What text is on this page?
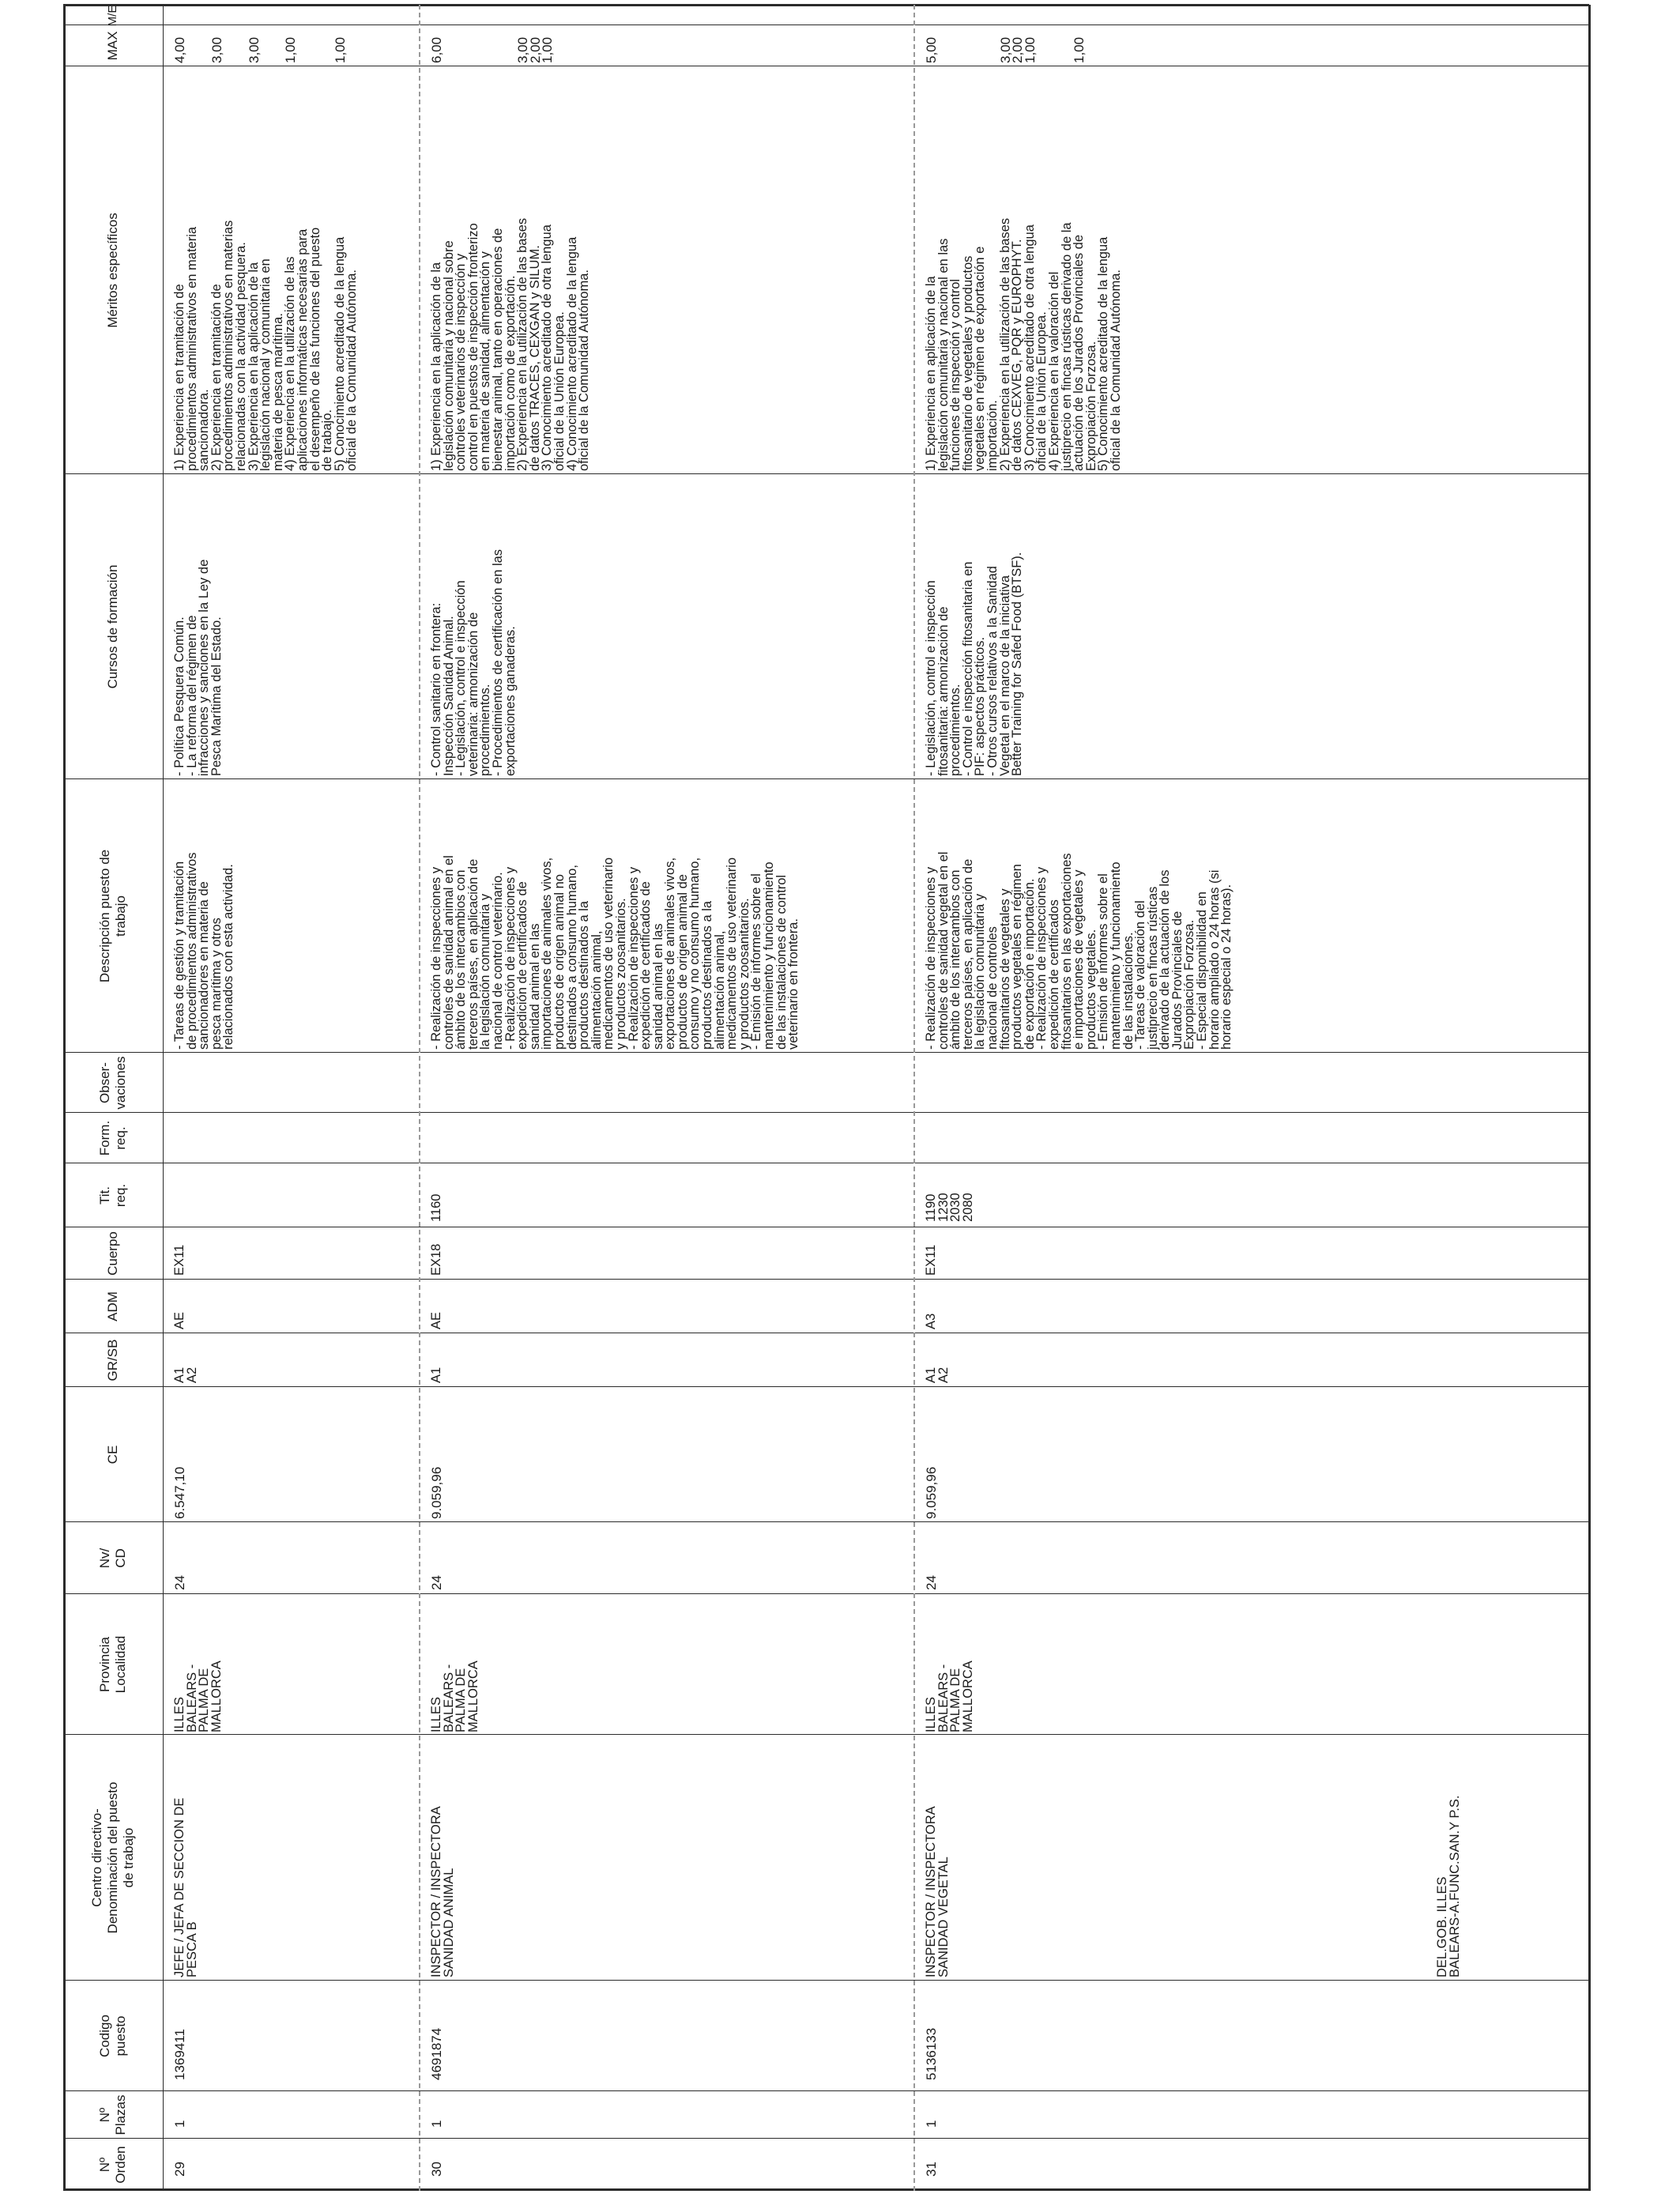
Nº
Orden
Nº
Plazas
Codigo
puesto
Centro directivo-
Denominación del puesto
de trabajo
Provincia
Localidad
Nv/
CD
CE
GR/SB
ADM
Cuerpo
Tit.
req.
Form.
req.
Obser-
vaciones
Descripción puesto de
trabajo
Cursos de formación
Méritos específicos
MAX
M/E
29
1
1369411
JEFE / JEFA DE SECCION DE
PESCA B
ILLES
BALEARS -
PALMA DE
MALLORCA
24
6.547,10
A1
A2
AE
EX11
- Tareas de gestión y tramitación
de procedimientos administrativos
sancionadores en materia de
pesca marítima y otros
relacionados con esta actividad.
- Política Pesquera Común.
- La reforma del régimen de
infracciones y sanciones en la Ley de
Pesca Marítima del Estado.
1) Experiencia en tramitación de
procedimientos administrativos en materia
sancionadora.
2) Experiencia en tramitación de
procedimientos administrativos en materias
relacionadas con la actividad pesquera.
3) Experiencia en la aplicación de la
legislación nacional y comunitaria en
materia de pesca marítima.
4) Experiencia en la utilización de las
aplicaciones informáticas necesarias para
el desempeño de las funciones del puesto
de trabajo.
5) Conocimiento acreditado de la lengua
oficial de la Comunidad Autónoma.
4,00

3,00

3,00

1,00

1,00
30
1
4691874
INSPECTOR / INSPECTORA
SANIDAD ANIMAL
ILLES
BALEARS -
PALMA DE
MALLORCA
24
9.059,96
A1
AE
EX18
1160
- Realización de inspecciones y
controles de sanidad animal en el
ámbito de los intercambios con
terceros países, en aplicación de
la legislación comunitaria y
nacional de control veterinario.
- Realización de inspecciones y
expedición de certificados de
sanidad animal en las
importaciones de animales vivos,
productos de origen animal no
destinados a consumo humano,
productos destinados a la
alimentación animal,
medicamentos de uso veterinario
y productos zoosanitarios.
- Realización de inspecciones y
expedición de certificados de
sanidad animal en las
exportaciones de animales vivos,
productos de origen animal de
consumo y no consumo humano,
productos destinados a la
alimentación animal,
medicamentos de uso veterinario
y productos zoosanitarios.
- Emisión de informes sobre el
mantenimiento y funcionamiento
de las instalaciones de control
veterinario en frontera.
- Control sanitario en frontera:
Inspección Sanidad Animal.
- Legislación, control e inspección
veterinaria: armonización de
procedimientos.
- Procedimientos de certificación en las
exportaciones ganaderas.
1) Experiencia en la aplicación de la
legislación comunitaria y nacional sobre
controles veterinarios de inspección y
control en puestos de inspección fronterizo
en materia de sanidad, alimentación y
bienestar animal, tanto en operaciones de
importación como de exportación.
2) Experiencia en la utilización de las bases
de datos TRACES, CEXGAN y SILUM.
3) Conocimiento acreditado de otra lengua
oficial de la Unión Europea.
4) Conocimiento acreditado de la lengua
oficial de la Comunidad Autónoma.
6,00

3,00
2,00
1,00
31
1
5136133
INSPECTOR / INSPECTORA
SANIDAD VEGETAL
ILLES
BALEARS -
PALMA DE
MALLORCA
24
9.059,96
A1
A2
A3
EX11
1190
1230
2030
2080
- Realización de inspecciones y
controles de sanidad vegetal en el
ámbito de los intercambios con
terceros países, en aplicación de
la legislación comunitaria y
nacional de controles
fitosanitarios de vegetales y
productos vegetales en régimen
de exportación e importación.
- Realización de inspecciones y
expedición de certificados
fitosanitarios en las exportaciones
e importaciones de vegetales y
productos vegetales.
- Emisión de informes sobre el
mantenimiento y funcionamiento
de las instalaciones.
- Tareas de valoración del
justiprecio en fincas rústicas
derivado de la actuación de los
Jurados Provinciales de
Expropiación Forzosa.
- Especial disponibilidad en
horario ampliado o 24 horas (si
horario especial o 24 horas).
- Legislación, control e inspección
fitosanitaria: armonización de
procedimientos.
- Control e inspección fitosanitaria en
PIF: aspectos prácticos.
- Otros cursos relativos a la Sanidad
Vegetal en el marco de la iniciativa
Better Training for Safed Food (BTSF).
1) Experiencia en aplicación de la
legislación comunitaria y nacional en las
funciones de inspección y control
fitosanitario de vegetales y productos
vegetales en régimen de exportación e
importación.
2) Experiencia en la utilización de las bases
de datos CEXVEG, PQR y EUROPHYT.
3) Conocimiento acreditado de otra lengua
oficial de la Unión Europea.
4) Experiencia en la valoración del
justiprecio en fincas rústicas derivado de la
actuación de los Jurados Provinciales de
Expropiación Forzosa.
5) Conocimiento acreditado de la lengua
oficial de la Comunidad Autónoma.
5,00

3,00
2,00
1,00

1,00
DEL.GOB. ILLES
BALEARS-A.FUNC.SAN.Y P.S.
